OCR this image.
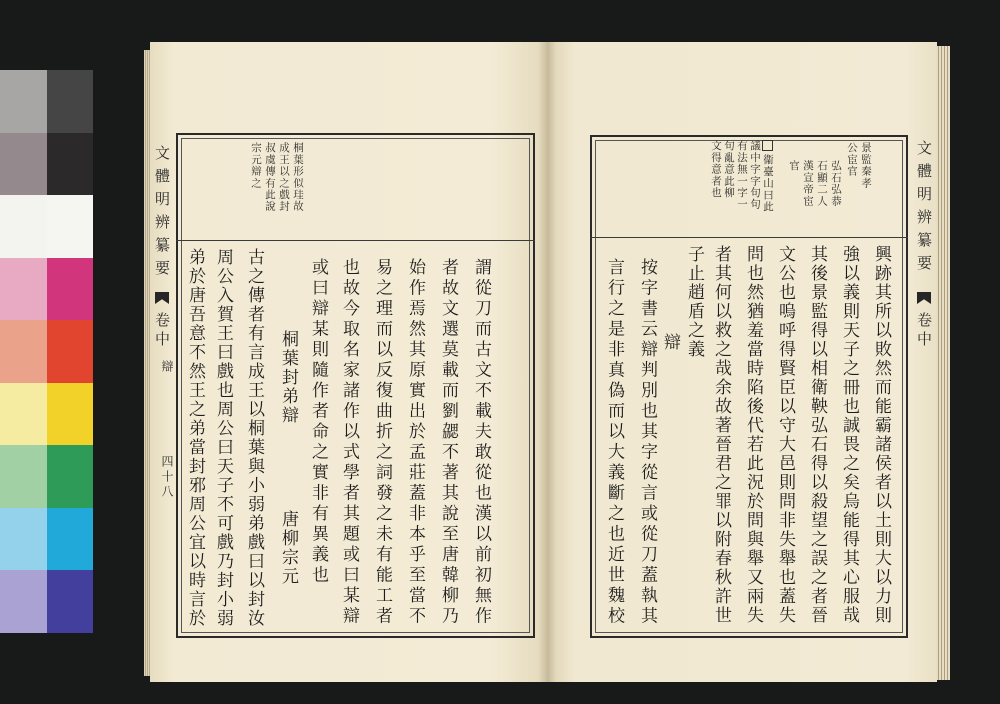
文體明辨纂要
卷中
辯
四十八
桐葉形似珪故
成王以之戲封
叔虞傳有此說
宗元辯之
謂從刀而古文不載夫敢從也漢以前初無作
者故文選莫載而劉勰不著其說至唐韓柳乃
始作焉然其原實出於孟莊蓋非本乎至當不
易之理而以反復曲折之詞發之未有能工者
也故今取名家諸作以式學者其題或曰某辯
或曰辯某則隨作者命之實非有異義也
桐葉封弟辯
唐柳宗元
古之傳者有言成王以桐葉與小弱弟戲曰以封汝
周公入賀王曰戲也周公曰天子不可戲乃封小弱
弟於唐吾意不然王之弟當封邪周公宜以時言於
文體明辨纂要
卷中
景監秦孝
公宦官
弘石弘恭
石顯二人
漢宣帝宦
官
衞臺山曰此
議中字字句句
有法無一字一
句亂意此柳
文得意者也
興跡其所以敗然而能霸諸侯者以土則大以力則
強以義則天子之冊也誠畏之矣烏能得其心服哉
其後景監得以相衛鞅弘石得以殺望之誤之者晉
文公也嗚呼得賢臣以守大邑則問非失舉也蓋失
問也然猶羞當時陷後代若此況於問與舉又兩失
者其何以救之哉余故著晉君之罪以附春秋許世
子止趙盾之義
辯
按字書云辯判別也其字從言或從刀蓋執其
言行之是非真偽而以大義斷之也近世魏校
